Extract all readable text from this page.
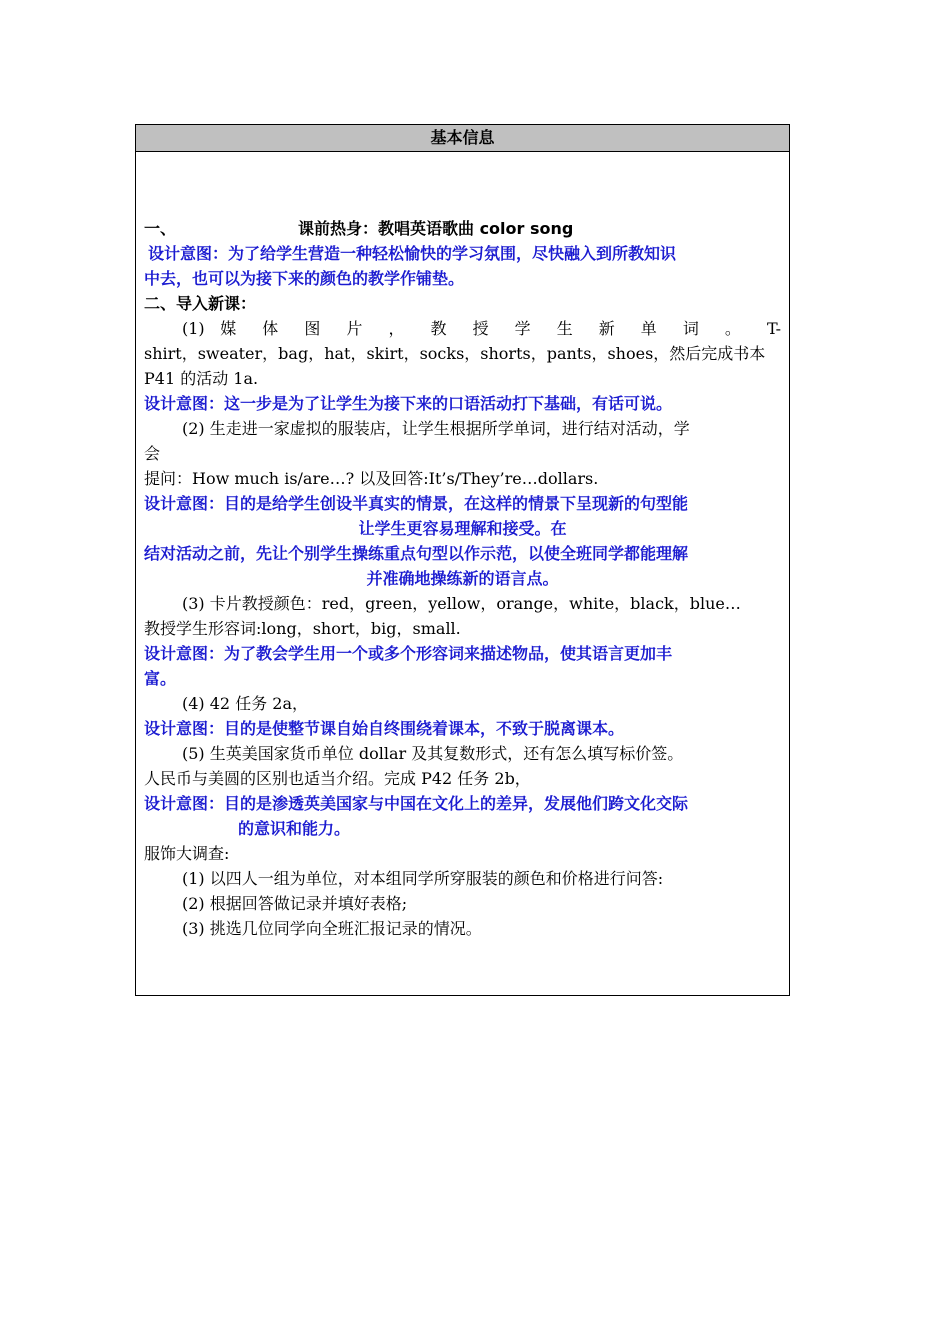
基本信息
一、	课前热身：教唱英语歌曲 color song
设计意图：为了给学生营造一种轻松愉快的学习氛围，尽快融入到所教知识
中去，也可以为接下来的颜色的教学作铺垫。
二、导入新课：
(1) 媒 体 图 片 ， 教 授 学 生 新 单 词 。 T-
shirt，sweater，bag，hat，skirt，socks，shorts，pants，shoes，然后完成书本
P41 的活动 1a.
设计意图：这一步是为了让学生为接下来的口语活动打下基础，有话可说。
(2) 生走进一家虚拟的服装店，让学生根据所学单词，进行结对活动，学
会
提问：How much is/are…? 以及回答:It’s/They’re…dollars.
设计意图：目的是给学生创设半真实的情景，在这样的情景下呈现新的句型能
让学生更容易理解和接受。在
结对活动之前，先让个别学生操练重点句型以作示范，以使全班同学都能理解
并准确地操练新的语言点。
(3) 卡片教授颜色：red，green，yellow，orange，white，black，blue…
教授学生形容词:long，short，big，small.
设计意图：为了教会学生用一个或多个形容词来描述物品，使其语言更加丰
富。
(4) 42 任务 2a，
设计意图：目的是使整节课自始自终围绕着课本，不致于脱离课本。
(5) 生英美国家货币单位 dollar 及其复数形式，还有怎么填写标价签。
人民币与美圆的区别也适当介绍。完成 P42 任务 2b，
设计意图：目的是渗透英美国家与中国在文化上的差异，发展他们跨文化交际
的意识和能力。
服饰大调查:
(1) 以四人一组为单位，对本组同学所穿服装的颜色和价格进行问答:
(2) 根据回答做记录并填好表格;
(3) 挑选几位同学向全班汇报记录的情况。
